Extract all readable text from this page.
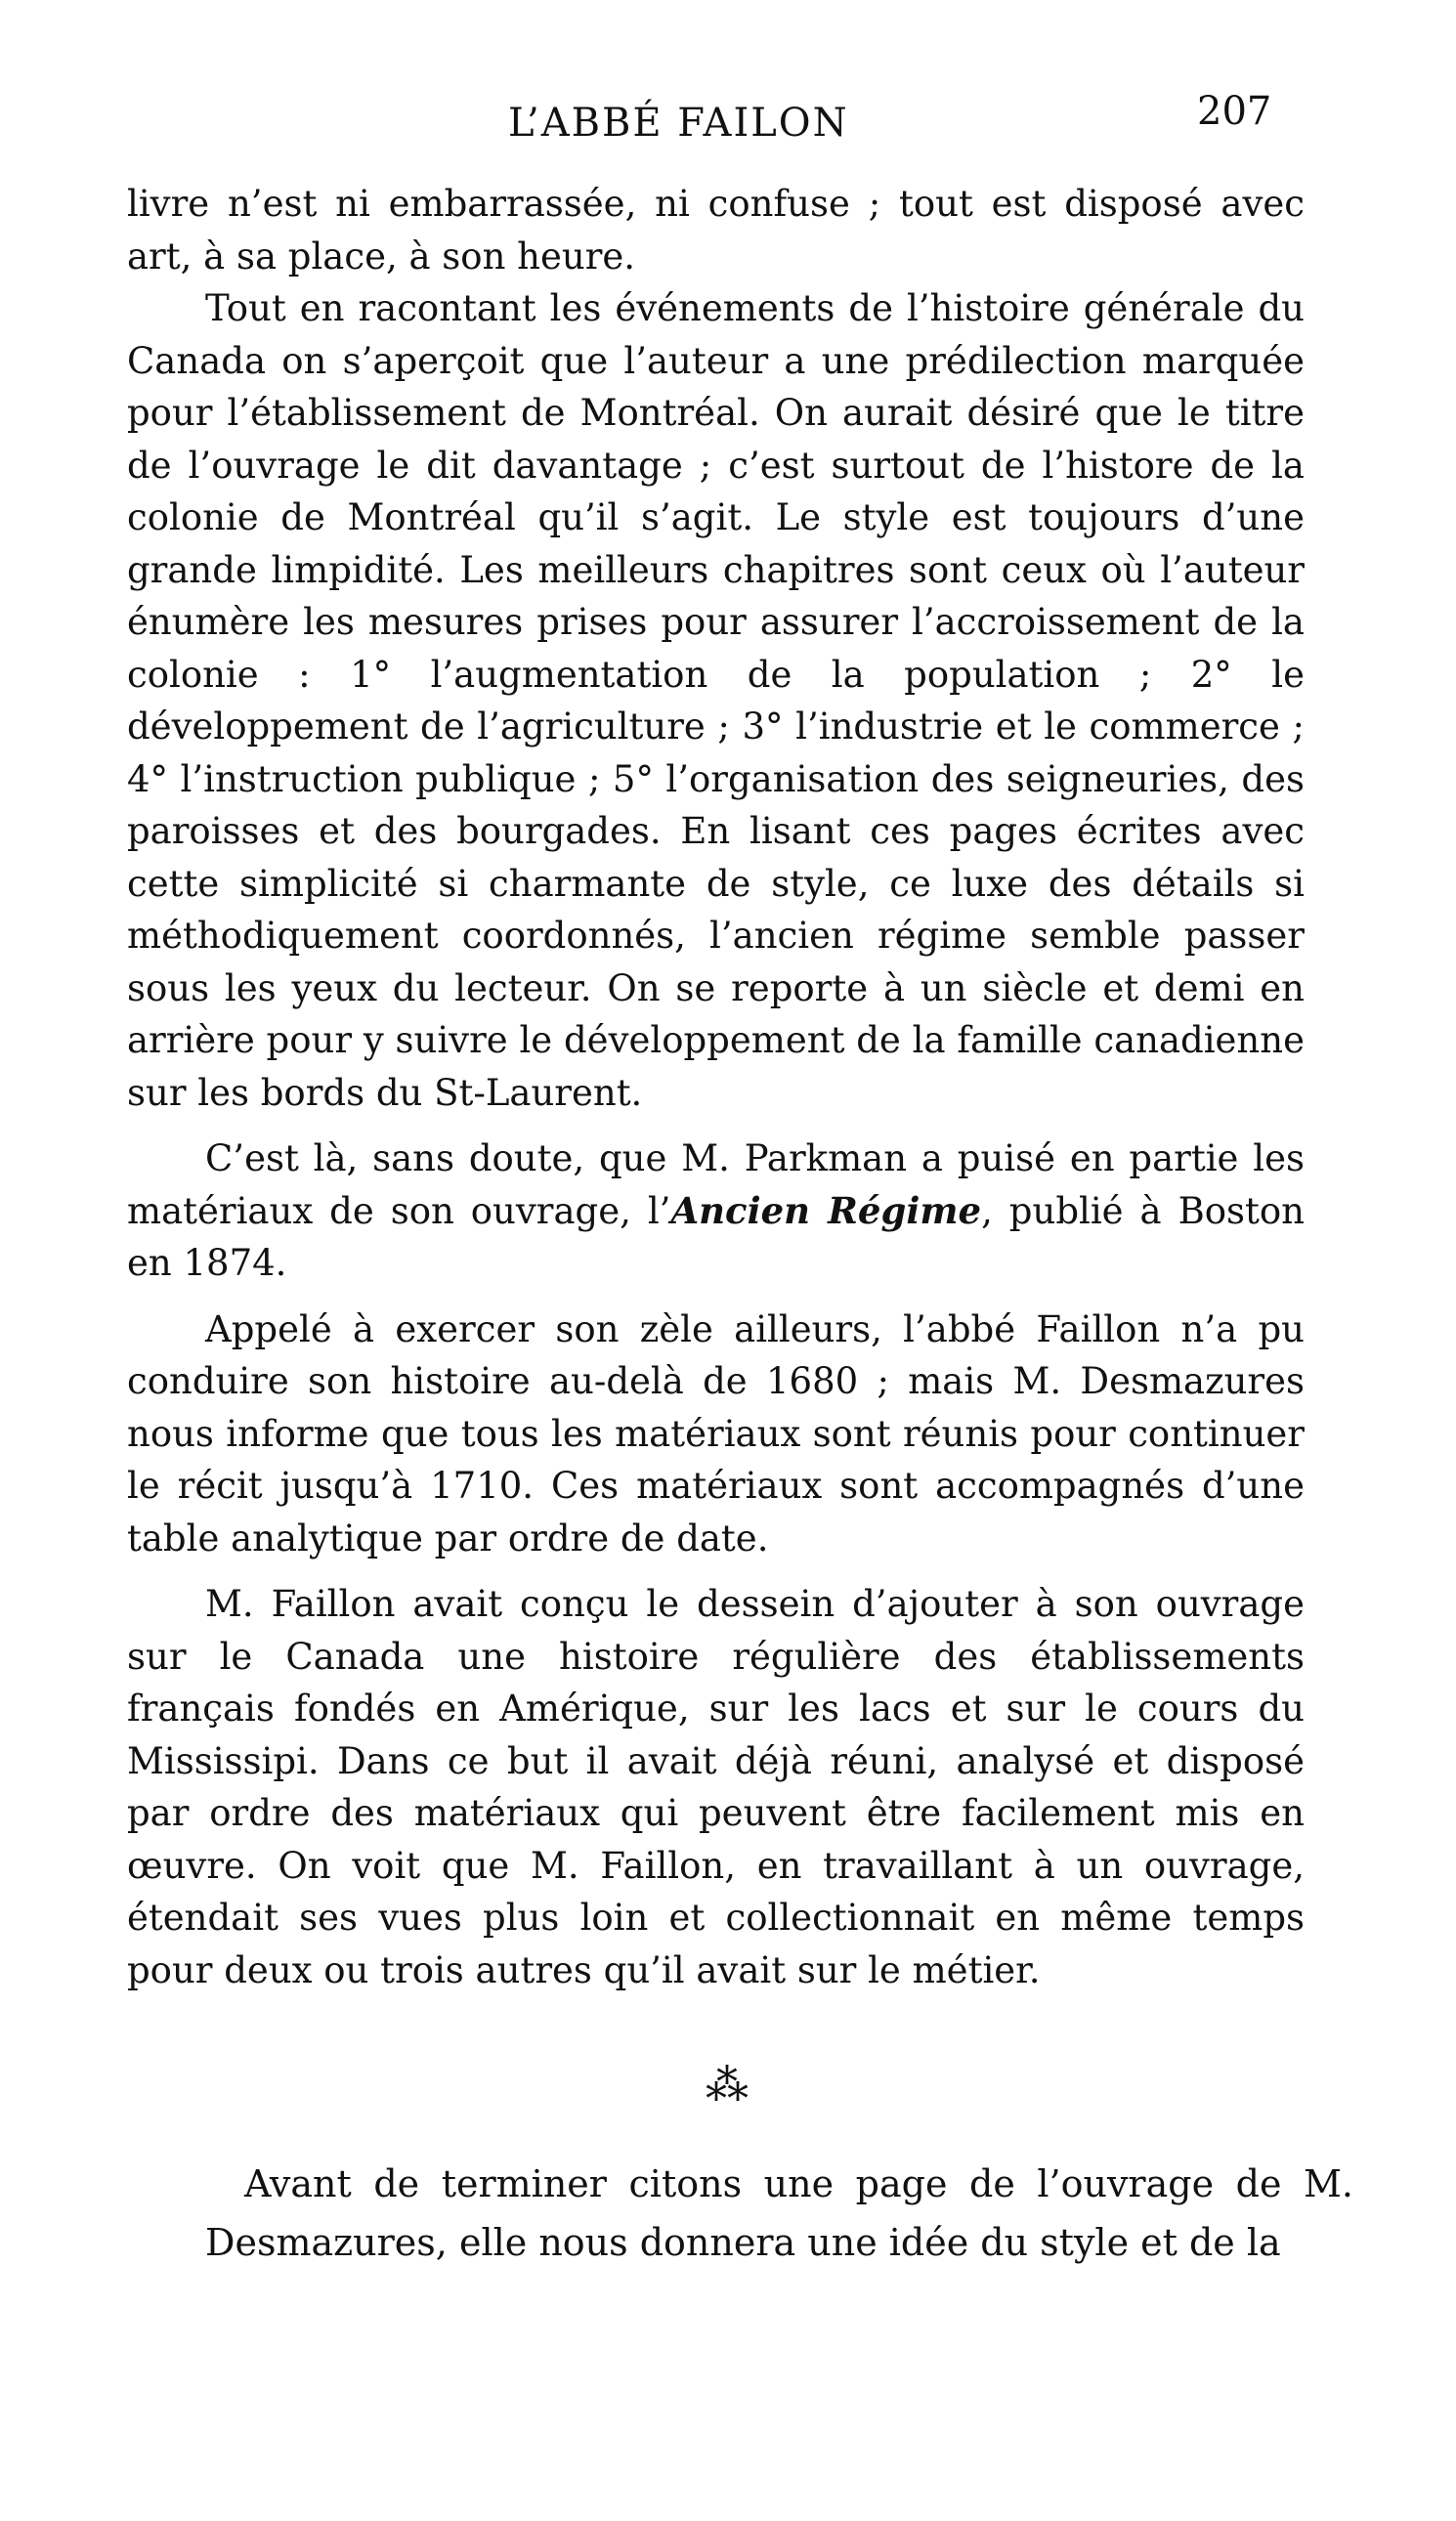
L’ABBÉ FAILON	207

livre n’est ni embarrassée, ni confuse ; tout est disposé avec art, à sa place, à son heure.

Tout en racontant les événements de l’histoire générale du Canada on s’aperçoit que l’auteur a une prédilection marquée pour l’établissement de Montréal. On aurait désiré que le titre de l’ouvrage le dit davantage ; c’est surtout de l’histore de la colonie de Montréal qu’il s’agit. Le style est toujours d’une grande limpidité. Les meilleurs chapitres sont ceux où l’auteur énumère les mesures prises pour assurer l’accroissement de la colonie : 1° l’augmentation de la population ; 2° le développement de l’agriculture ; 3° l’industrie et le commerce ; 4° l’instruction publique ; 5° l’organisation des seigneuries, des paroisses et des bourgades. En lisant ces pages écrites avec cette simplicité si charmante de style, ce luxe des détails si méthodiquement coordonnés, l’ancien régime semble passer sous les yeux du lecteur. On se reporte à un siècle et demi en arrière pour y suivre le développement de la famille canadienne sur les bords du St-Laurent.

C’est là, sans doute, que M. Parkman a puisé en partie les matériaux de son ouvrage, l’Ancien Régime, publié à Boston en 1874.

Appelé à exercer son zèle ailleurs, l’abbé Faillon n’a pu conduire son histoire au-delà de 1680 ; mais M. Desmazures nous informe que tous les matériaux sont réunis pour continuer le récit jusqu’à 1710. Ces matériaux sont accompagnés d’une table analytique par ordre de date.

M. Faillon avait conçu le dessein d’ajouter à son ouvrage sur le Canada une histoire régulière des établissements français fondés en Amérique, sur les lacs et sur le cours du Mississipi. Dans ce but il avait déjà réuni, analysé et disposé par ordre des matériaux qui peuvent être facilement mis en œuvre. On voit que M. Faillon, en travaillant à un ouvrage, étendait ses vues plus loin et collectionnait en même temps pour deux ou trois autres qu’il avait sur le métier.

⁂

Avant de terminer citons une page de l’ouvrage de M. Desmazures, elle nous donnera une idée du style et de la
